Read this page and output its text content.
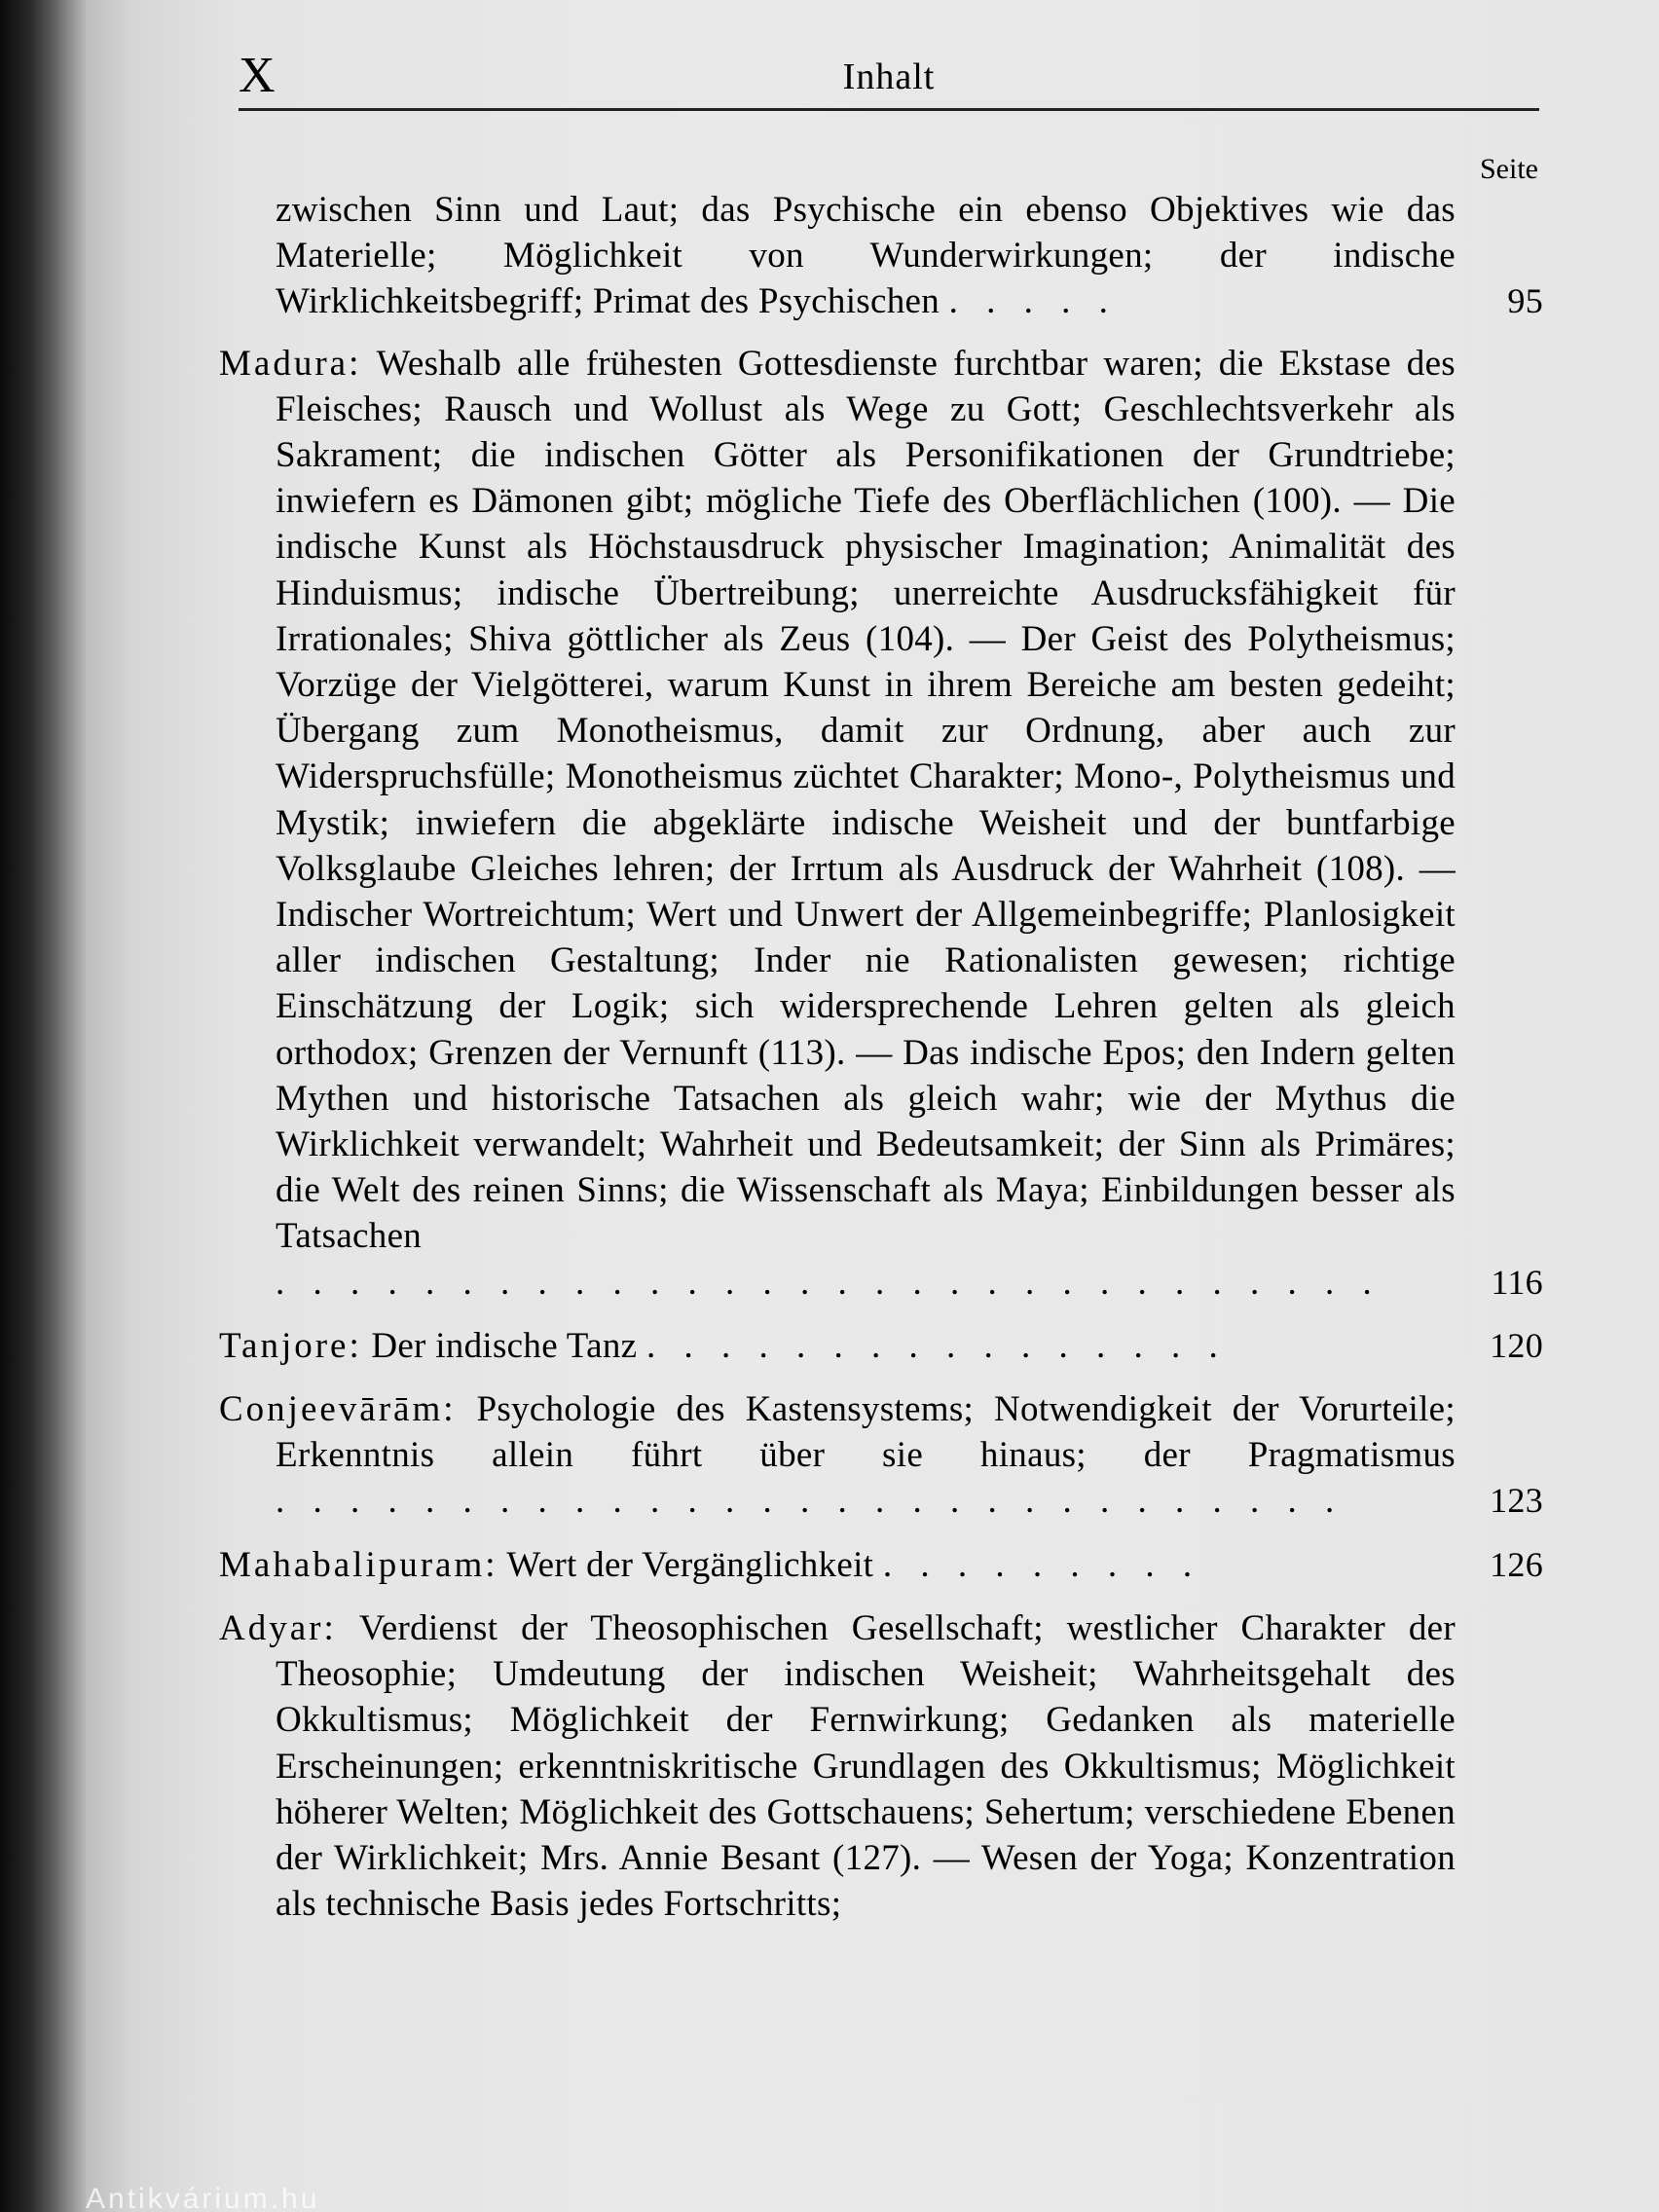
Antikvárium.hu
X	Inhalt
Seite
zwischen Sinn und Laut; das Psychische ein ebenso Objektives wie das Materielle; Möglichkeit von Wunderwirkungen; der indische Wirklichkeitsbegriff; Primat des Psychischen . . . . .	95
Madura: Weshalb alle frühesten Gottesdienste furchtbar waren; die Ekstase des Fleisches; Rausch und Wollust als Wege zu Gott; Geschlechtsverkehr als Sakrament; die indischen Götter als Personifikationen der Grundtriebe; inwiefern es Dämonen gibt; mögliche Tiefe des Oberflächlichen (100). — Die indische Kunst als Höchstausdruck physischer Imagination; Animalität des Hinduismus; indische Übertreibung; unerreichte Ausdrucksfähigkeit für Irrationales; Shiva göttlicher als Zeus (104). — Der Geist des Polytheismus; Vorzüge der Vielgötterei, warum Kunst in ihrem Bereiche am besten gedeiht; Übergang zum Monotheismus, damit zur Ordnung, aber auch zur Widerspruchsfülle; Monotheismus züchtet Charakter; Mono-, Polytheismus und Mystik; inwiefern die abgeklärte indische Weisheit und der buntfarbige Volksglaube Gleiches lehren; der Irrtum als Ausdruck der Wahrheit (108). — Indischer Wortreichtum; Wert und Unwert der Allgemeinbegriffe; Planlosigkeit aller indischen Gestaltung; Inder nie Rationalisten gewesen; richtige Einschätzung der Logik; sich widersprechende Lehren gelten als gleich orthodox; Grenzen der Vernunft (113). — Das indische Epos; den Indern gelten Mythen und historische Tatsachen als gleich wahr; wie der Mythus die Wirklichkeit verwandelt; Wahrheit und Bedeutsamkeit; der Sinn als Primäres; die Welt des reinen Sinns; die Wissenschaft als Maya; Einbildungen besser als Tatsachen . . . . . . . . . . . . . . . . . . . . . . . . . . . . . .	116
Tanjore: Der indische Tanz . . . . . . . . . . . . . . . .	120
Conjeevārām: Psychologie des Kastensystems; Notwendigkeit der Vorurteile; Erkenntnis allein führt über sie hinaus; der Pragmatismus . . . . . . . . . . . . . . . . . . . . . . . . . . . . .	123
Mahabalipuram: Wert der Vergänglichkeit . . . . . . . . .	126
Adyar: Verdienst der Theosophischen Gesellschaft; westlicher Charakter der Theosophie; Umdeutung der indischen Weisheit; Wahrheitsgehalt des Okkultismus; Möglichkeit der Fernwirkung; Gedanken als materielle Erscheinungen; erkenntniskritische Grundlagen des Okkultismus; Möglichkeit höherer Welten; Möglichkeit des Gottschauens; Sehertum; verschiedene Ebenen der Wirklichkeit; Mrs. Annie Besant (127). — Wesen der Yoga; Konzentration als technische Basis jedes Fortschritts;
